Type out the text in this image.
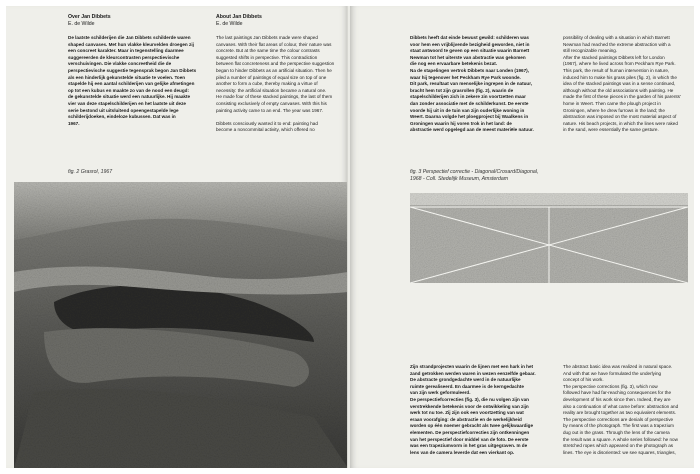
Over Jan Dibbets
E. de Wilde
About Jan Dibbets
E. de Wilde

De laatste schilderijen die Jan Dibbets schilderde waren

shaped canvases. Met hun vlakke kleurvelden droegen zij

een concreet karakter. Maar in tegenstelling daarmee

suggereerden de kleurcontrasten perspectievische

verschuivingen. Die vlakke concreetheid die de

perspectievische suggestie tegensprak begon Jan Dibbets

als een hinderlijk gekunstelde situatie te voelen. Toen

stapelde hij een aantal schilderijen van gelijke afmetingen

op tot een kubus en maakte zo van de nood een deugd:

de gekunstelde situatie werd een natuurlijke. Hij maakte

vier van deze stapelschilderijen en het laatste uit deze

serie bestond uit uitsluitend opeengestapelde lege

schilderijdoeken, eindeloze kubussen. Dat was in

1967.

The last paintings Jan Dibbets made were shaped

canvases. With their flat areas of colour, their nature was

concrete. But at the same time the colour contrasts

suggested shifts in perspective. This contradiction

between flat concreteness and the perspective suggestion

began to hinder Dibbets as an artificial situation. Then he

piled a number of paintings of equal size on top of one

another to form a cube, thereby making a virtue of

necessity: the artificial situation became a natural one.

He made four of these stacked paintings, the last of them

consisting exclusively of empty canvases. With this his

painting activity came to an end. The year was 1967.

Dibbets consciously wanted it to end: painting had

become a noncommital activity, which offered no

fig. 2 Grasrol, 1967

Dibbets heeft dat einde bewust gewild: schilderen was

voor hem een vrijblijvende bezigheid geworden, niet in

staat antwoord te geven op een situatie waarin Barnett

Newman tot het uiterste van abstractie was gekomen

die nog een ervaarbare betekenis bezat.

Na de stapelingen vertrok Dibbets naar Londen (1967),

waar hij tegenover het Peckham Rye Park woonde.

Dit park, resultaat van menselijke ingrepen in de natuur,

bracht hem tot zijn grasrollen (fig. 2), waarin de

stapelschilderijen zich in zekere zin voortzetten maar

dan zonder associatie met de schilderkunst. De eerste

voorde hij uit in de tuin van zijn ouderlijke woning in

Weert. Daarna volgde het ploegproject bij Waalkens in

Groningen waarin hij voren trok in het land: de

abstractie werd opgelegd aan de meest materiële natuur.

possibility of dealing with a situation in which Barnett

Newman had reached the extreme abstraction with a

still recognizable meaning.

After the stacked paintings Dibbets left for London

(1967), where he lived across from Peckham Rye Park.

This park, the result of human intervention in nature,

induced him to make his grass piles (fig. 2), in which the

idea of the stacked paintings was in a sense continued,

although without the old associations with painting. He

made the first of these pieces in the garden of his parents'

home in Weert. Then came the plough project in

Groningen, where he drew furrows in the land; the

abstraction was imposed on the most material aspect of

nature. His beach projects, in which the lines were raked

in the sand, were essentially the same gesture.

fig. 3 Perspectief correctie - Diagonal/Crosard/Diagonal,
1968 - Coll. Stedelijk Museum, Amsterdam

Zijn strandprojecten waarin de lijnen met een hark in het

zand getrokken werden waren in wezen eenzelfde gebaar.

De abstracte grondgedachte werd in de natuurlijke

ruimte gerealiseerd. En daarmee is de kerngedachte

van zijn werk geformuleerd.

De perspectiefcorrecties (fig. 3), die nu volgen zijn van

verstrekkende betekenis voor de ontwikkeling van zijn

werk tot nu toe. Zij zijn ook een voortzetting van wat

eraan voorafging: de abstractie en de werkelijkheid

worden op één noemer gebracht als twee gelijkwaardige

elementen. De perspectiefcorrecties zijn ontkenningen

van het perspectief door middel van de foto. De eerste

was een trapeziumvorm in het gras uitgegraven. In de

lens van de camera leverde dat een vierkant op.

The abstract basic idea was realized in natural space.

And with that we have formulated the underlying

concept of his work.

The perspective corrections (fig. 3), which now

followed have had far-reaching consequences for the

development of his work since then. Indeed, they are

also a continuation of what came before: abstraction and

reality are brought together as two equivalent elements.

The perspective corrections are denials of perspective

by means of the photograph. The first was a trapezium

dug out in the grass. Through the lens of the camera

the result was a square. A whole series followed: he now

stretched ropes which appeared on the photograph as

lines. The eye is disoriented: we see squares, triangles,
